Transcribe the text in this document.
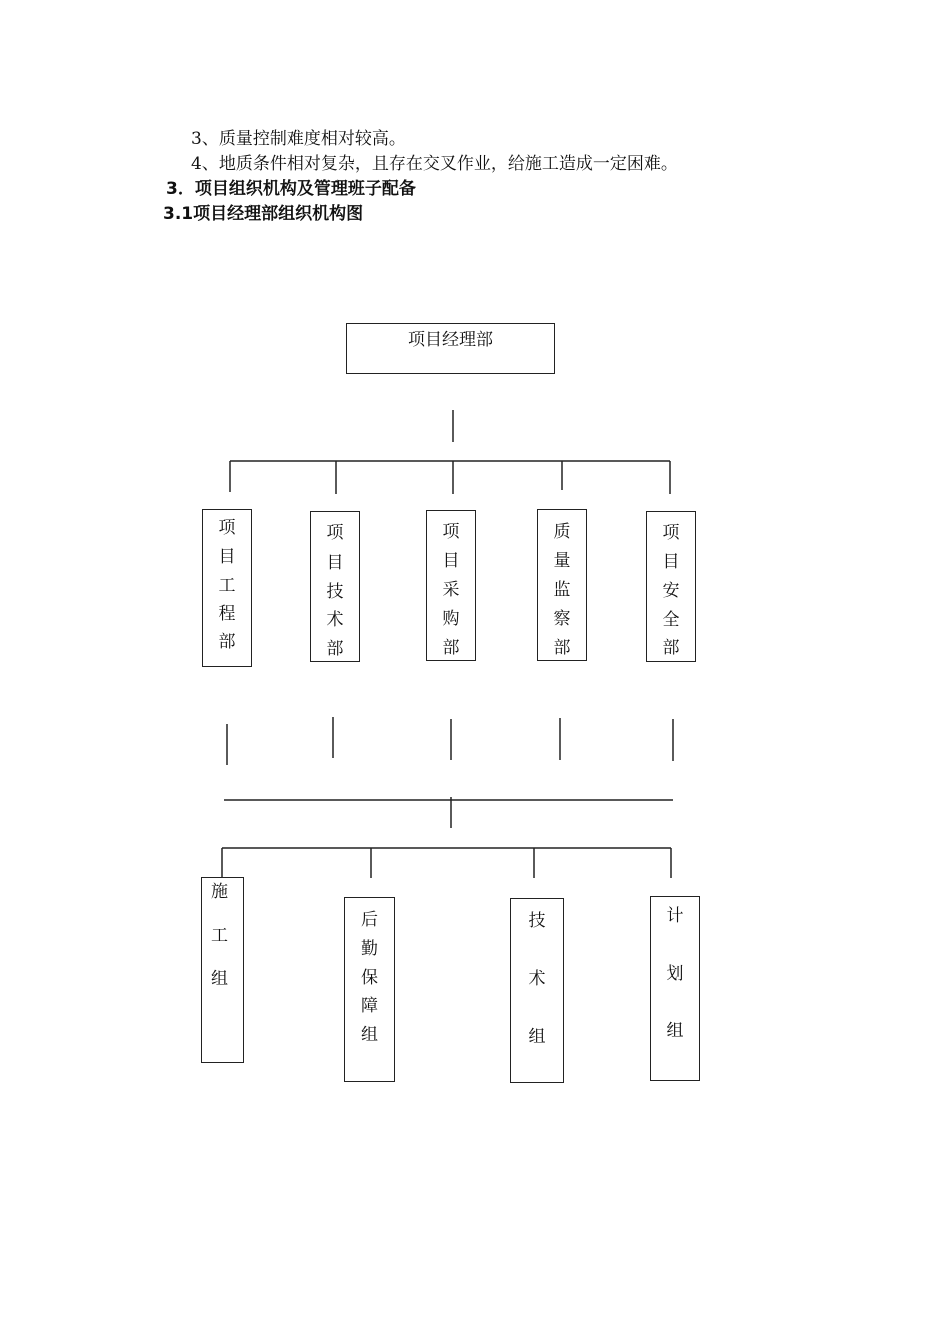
3、质量控制难度相对较高。
4、地质条件相对复杂，且存在交叉作业，给施工造成一定困难。
3．项目组织机构及管理班子配备
3.1项目经理部组织机构图
项目经理部
项
目
工
程
部
项
目
技
术
部
项
目
采
购
部
质
量
监
察
部
项
目
安
全
部
施
工
组
后
勤
保
障
组
技
术
组
计
划
组
